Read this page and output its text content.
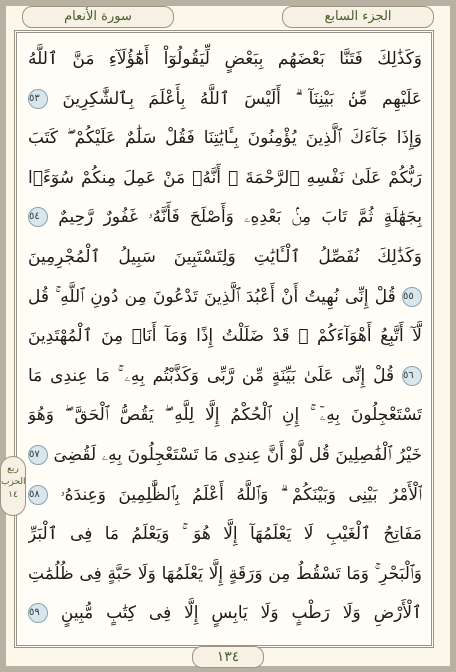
سورة الأنعام	الجزء السابع
ربع
الحزب
١٤
وَكَذَٰلِكَ فَتَنَّا بَعْضَهُم بِبَعْضٍ لِّيَقُولُوٓاْ أَهَٰٓؤُلَآءِ مَنَّ ٱللَّهُ
عَلَيْهِم مِّنۢ بَيْنِنَآ ۗ أَلَيْسَ ٱللَّهُ بِأَعْلَمَ بِٱلشَّٰكِرِينَ ٥٣
وَإِذَا جَآءَكَ ٱلَّذِينَ يُؤْمِنُونَ بِـَٔايَٰتِنَا فَقُلْ سَلَٰمٌ عَلَيْكُمْ ۖ كَتَبَ
رَبُّكُمْ عَلَىٰ نَفْسِهِ ٱلرَّحْمَةَ ۖ أَنَّهُۥ مَنْ عَمِلَ مِنكُمْ سُوٓءًۢا
بِجَهَٰلَةٍ ثُمَّ تَابَ مِنۢ بَعْدِهِۦ وَأَصْلَحَ فَأَنَّهُۥ غَفُورٌ رَّحِيمٌ ٥٤
وَكَذَٰلِكَ نُفَصِّلُ ٱلْـَٔايَٰتِ وَلِتَسْتَبِينَ سَبِيلُ ٱلْمُجْرِمِينَ
٥٥ قُلْ إِنِّى نُهِيتُ أَنْ أَعْبُدَ ٱلَّذِينَ تَدْعُونَ مِن دُونِ ٱللَّهِ ۚ قُل
لَّآ أَتَّبِعُ أَهْوَآءَكُمْ ۙ قَدْ ضَلَلْتُ إِذًا وَمَآ أَنَا۠ مِنَ ٱلْمُهْتَدِينَ
٥٦ قُلْ إِنِّى عَلَىٰ بَيِّنَةٍ مِّن رَّبِّى وَكَذَّبْتُم بِهِۦ ۚ مَا عِندِى مَا
تَسْتَعْجِلُونَ بِهِۦٓ ۚ إِنِ ٱلْحُكْمُ إِلَّا لِلَّهِ ۖ يَقُصُّ ٱلْحَقَّ ۖ وَهُوَ
خَيْرُ ٱلْفَٰصِلِينَ قُل لَّوْ أَنَّ عِندِى مَا تَسْتَعْجِلُونَ بِهِۦ لَقُضِىَ ٥٧
ٱلْأَمْرُ بَيْنِى وَبَيْنَكُمْ ۗ وَٱللَّهُ أَعْلَمُ بِٱلظَّٰلِمِينَ وَعِندَهُۥ ٥٨
مَفَاتِحُ ٱلْغَيْبِ لَا يَعْلَمُهَآ إِلَّا هُوَ ۚ وَيَعْلَمُ مَا فِى ٱلْبَرِّ
وَٱلْبَحْرِ ۚ وَمَا تَسْقُطُ مِن وَرَقَةٍ إِلَّا يَعْلَمُهَا وَلَا حَبَّةٍ فِى ظُلُمَٰتِ
ٱلْأَرْضِ وَلَا رَطْبٍ وَلَا يَابِسٍ إِلَّا فِى كِتَٰبٍ مُّبِينٍ ٥٩
١٣٤
